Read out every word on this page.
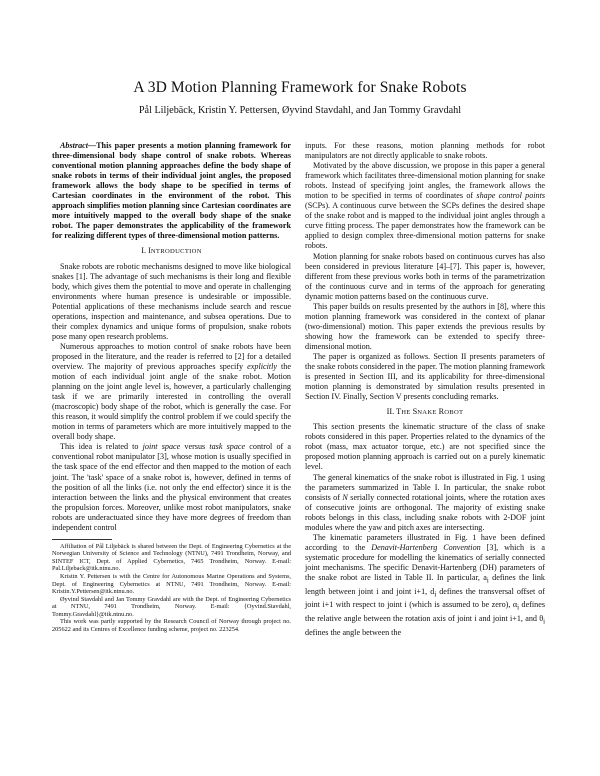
A 3D Motion Planning Framework for Snake Robots
Pål Liljebäck, Kristin Y. Pettersen, Øyvind Stavdahl, and Jan Tommy Gravdahl

Abstract—This paper presents a motion planning framework for three-dimensional body shape control of snake robots. Whereas conventional motion planning approaches define the body shape of snake robots in terms of their individual joint angles, the proposed framework allows the body shape to be specified in terms of Cartesian coordinates in the environment of the robot. This approach simplifies motion planning since Cartesian coordinates are more intuitively mapped to the overall body shape of the snake robot. The paper demonstrates the applicability of the framework for realizing different types of three-dimensional motion patterns.

I. INTRODUCTION

Snake robots are robotic mechanisms designed to move like biological snakes [1]. The advantage of such mechanisms is their long and flexible body, which gives them the potential to move and operate in challenging environments where human presence is undesirable or impossible. Potential applications of these mechanisms include search and rescue operations, inspection and maintenance, and subsea operations. Due to their complex dynamics and unique forms of propulsion, snake robots pose many open research problems.

Numerous approaches to motion control of snake robots have been proposed in the literature, and the reader is referred to [2] for a detailed overview. The majority of previous approaches specify explicitly the motion of each individual joint angle of the snake robot. Motion planning on the joint angle level is, however, a particularly challenging task if we are primarily interested in controlling the overall (macroscopic) body shape of the robot, which is generally the case. For this reason, it would simplify the control problem if we could specify the motion in terms of parameters which are more intuitively mapped to the overall body shape.

This idea is related to joint space versus task space control of a conventional robot manipulator [3], whose motion is usually specified in the task space of the end effector and then mapped to the motion of each joint. The 'task' space of a snake robot is, however, defined in terms of the position of all the links (i.e. not only the end effector) since it is the interaction between the links and the physical environment that creates the propulsion forces. Moreover, unlike most robot manipulators, snake robots are underactuated since they have more degrees of freedom than independent control

Affiliation of Pål Liljebäck is shared between the Dept. of Engineering Cybernetics at the Norwegian University of Science and Technology (NTNU), 7491 Trondheim, Norway, and SINTEF ICT, Dept. of Applied Cybernetics, 7465 Trondheim, Norway. E-mail: Pal.Liljeback@itk.ntnu.no.

Kristin Y. Pettersen is with the Centre for Autonomous Marine Operations and Systems, Dept. of Engineering Cybernetics at NTNU, 7491 Trondheim, Norway. E-mail: Kristin.Y.Pettersen@itk.ntnu.no.

Øyvind Stavdahl and Jan Tommy Gravdahl are with the Dept. of Engineering Cybernetics at NTNU, 7491 Trondheim, Norway. E-mail: {Oyvind.Stavdahl, Tommy.Gravdahl}@itk.ntnu.no.

This work was partly supported by the Research Council of Norway through project no. 205622 and its Centres of Excellence funding scheme, project no. 223254.

inputs. For these reasons, motion planning methods for robot manipulators are not directly applicable to snake robots.

Motivated by the above discussion, we propose in this paper a general framework which facilitates three-dimensional motion planning for snake robots. Instead of specifying joint angles, the framework allows the motion to be specified in terms of coordinates of shape control points (SCPs). A continuous curve between the SCPs defines the desired shape of the snake robot and is mapped to the individual joint angles through a curve fitting process. The paper demonstrates how the framework can be applied to design complex three-dimensional motion patterns for snake robots.

Motion planning for snake robots based on continuous curves has also been considered in previous literature [4]–[7]. This paper is, however, different from these previous works both in terms of the parametrization of the continuous curve and in terms of the approach for generating dynamic motion patterns based on the continuous curve.

This paper builds on results presented by the authors in [8], where this motion planning framework was considered in the context of planar (two-dimensional) motion. This paper extends the previous results by showing how the framework can be extended to specify three-dimensional motion.

The paper is organized as follows. Section II presents parameters of the snake robots considered in the paper. The motion planning framework is presented in Section III, and its applicability for three-dimensional motion planning is demonstrated by simulation results presented in Section IV. Finally, Section V presents concluding remarks.

II. THE SNAKE ROBOT

This section presents the kinematic structure of the class of snake robots considered in this paper. Properties related to the dynamics of the robot (mass, max actuator torque, etc.) are not specified since the proposed motion planning approach is carried out on a purely kinematic level.

The general kinematics of the snake robot is illustrated in Fig. 1 using the parameters summarized in Table I. In particular, the snake robot consists of N serially connected rotational joints, where the rotation axes of consecutive joints are orthogonal. The majority of existing snake robots belongs in this class, including snake robots with 2-DOF joint modules where the yaw and pitch axes are intersecting.

The kinematic parameters illustrated in Fig. 1 have been defined according to the Denavit-Hartenberg Convention [3], which is a systematic procedure for modelling the kinematics of serially connected joint mechanisms. The specific Denavit-Hartenberg (DH) parameters of the snake robot are listed in Table II. In particular, $a_i$ defines the link length between joint i and joint i+1, $d_i$ defines the transversal offset of joint i+1 with respect to joint i (which is assumed to be zero), $\alpha_i$ defines the relative angle between the rotation axis of joint i and joint i+1, and $\theta_i$ defines the angle between the
